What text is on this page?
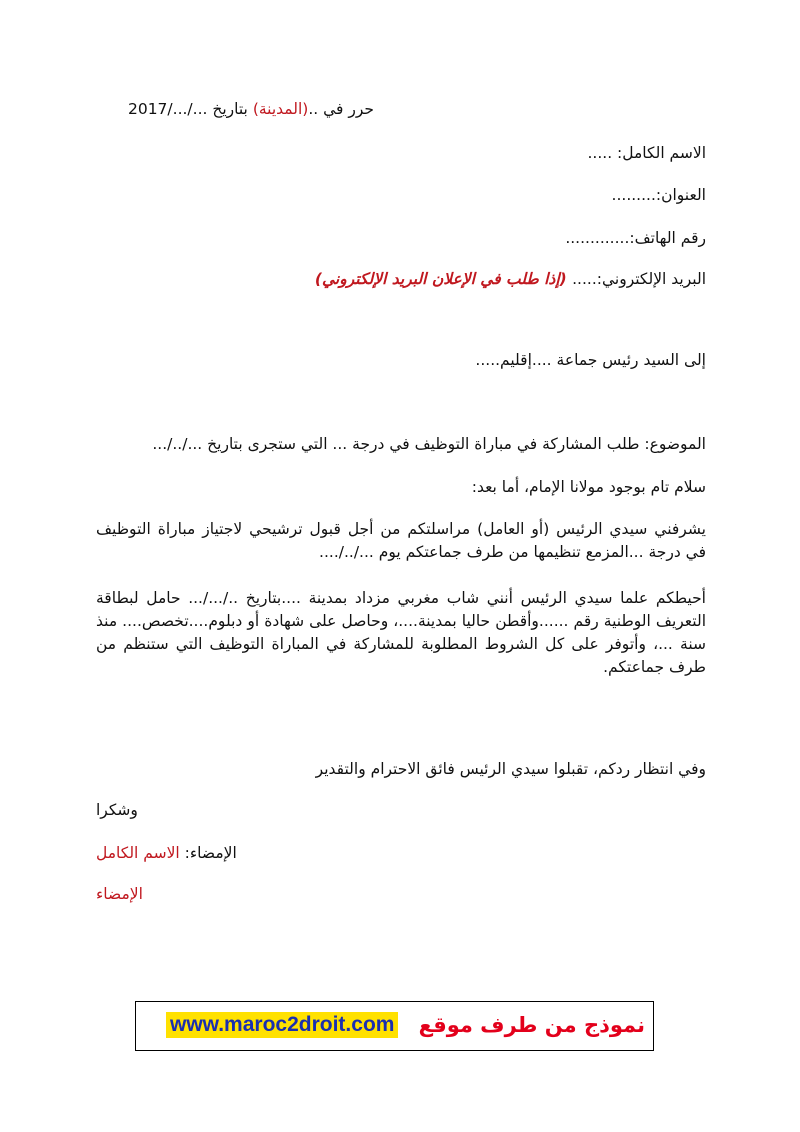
حرر في ..(المدينة) بتاريخ .../.../2017
الاسم الكامل: .....
العنوان:.........
رقم الهاتف:.............
البريد الإلكتروني:..... (إذا طلب في الإعلان البريد الإلكتروني)
إلى السيد رئيس جماعة ....إقليم.....
الموضوع: طلب المشاركة في مباراة التوظيف في درجة ... التي ستجرى بتاريخ .../../...
سلام تام بوجود مولانا الإمام، أما بعد:
يشرفني سيدي الرئيس (أو العامل) مراسلتكم من أجل قبول ترشيحي لاجتياز مباراة التوظيف في درجة ...المزمع تنظيمها من طرف جماعتكم يوم .../../....
أحيطكم علما سيدي الرئيس أنني شاب مغربي مزداد بمدينة ....بتاريخ ../.../... حامل لبطاقة التعريف الوطنية رقم ......وأقطن حاليا بمدينة....، وحاصل على شهادة أو دبلوم....تخصص.... منذ سنة ...، وأتوفر على كل الشروط المطلوبة للمشاركة في المباراة التوظيف التي ستنظم من طرف جماعتكم.
وفي انتظار ردكم، تقبلوا سيدي الرئيس فائق الاحترام والتقدير
وشكرا
الإمضاء: الاسم الكامل
الإمضاء
www.maroc2droit.com نموذج من طرف موقع
